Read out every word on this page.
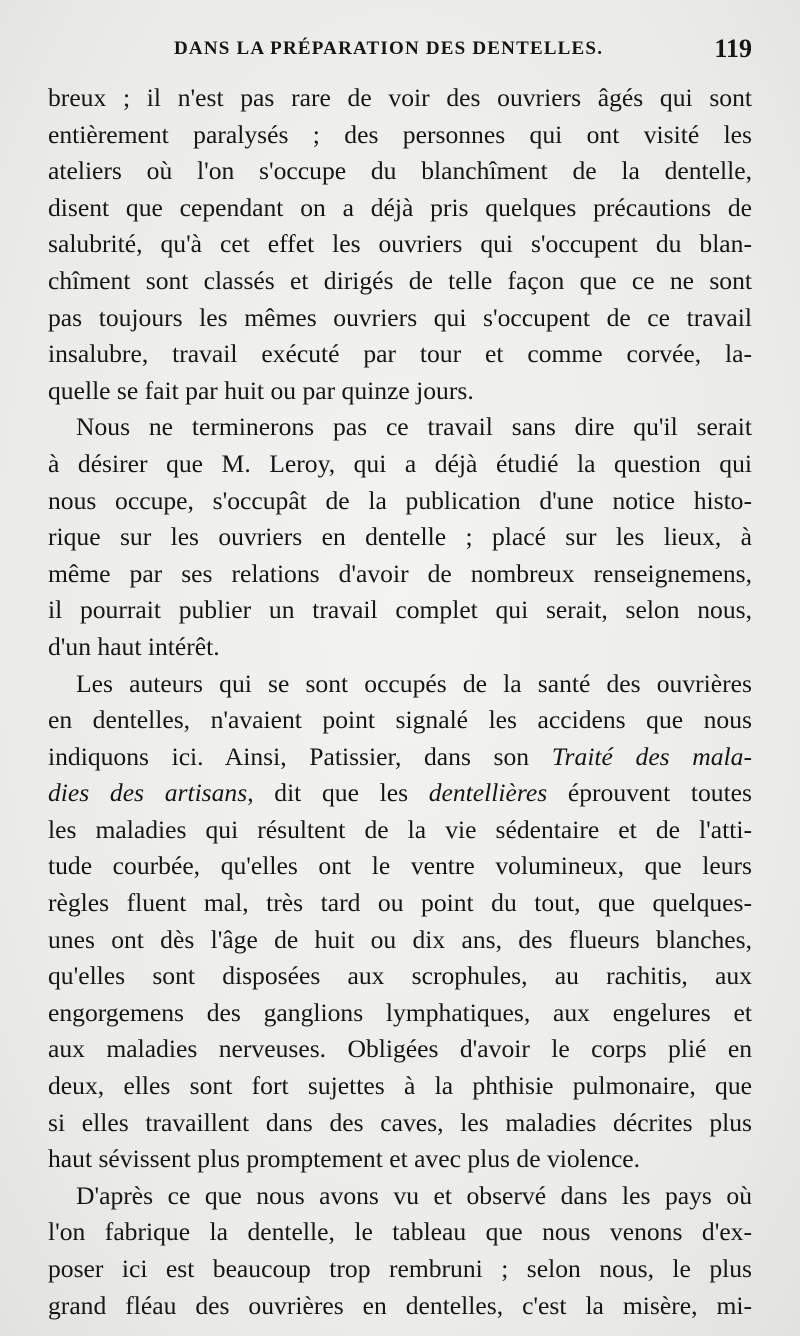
DANS LA PRÉPARATION DES DENTELLES.	119
breux ; il n'est pas rare de voir des ouvriers âgés qui sont
entièrement paralysés ; des personnes qui ont visité les
ateliers où l'on s'occupe du blanchîment de la dentelle,
disent que cependant on a déjà pris quelques précautions de
salubrité, qu'à cet effet les ouvriers qui s'occupent du blan-
chîment sont classés et dirigés de telle façon que ce ne sont
pas toujours les mêmes ouvriers qui s'occupent de ce travail
insalubre, travail exécuté par tour et comme corvée, la-
quelle se fait par huit ou par quinze jours.
Nous ne terminerons pas ce travail sans dire qu'il serait
à désirer que M. Leroy, qui a déjà étudié la question qui
nous occupe, s'occupât de la publication d'une notice histo-
rique sur les ouvriers en dentelle ; placé sur les lieux, à
même par ses relations d'avoir de nombreux renseignemens,
il pourrait publier un travail complet qui serait, selon nous,
d'un haut intérêt.
Les auteurs qui se sont occupés de la santé des ouvrières
en dentelles, n'avaient point signalé les accidens que nous
indiquons ici. Ainsi, Patissier, dans son Traité des mala-
dies des artisans, dit que les dentellières éprouvent toutes
les maladies qui résultent de la vie sédentaire et de l'atti-
tude courbée, qu'elles ont le ventre volumineux, que leurs
règles fluent mal, très tard ou point du tout, que quelques-
unes ont dès l'âge de huit ou dix ans, des flueurs blanches,
qu'elles sont disposées aux scrophules, au rachitis, aux
engorgemens des ganglions lymphatiques, aux engelures et
aux maladies nerveuses. Obligées d'avoir le corps plié en
deux, elles sont fort sujettes à la phthisie pulmonaire, que
si elles travaillent dans des caves, les maladies décrites plus
haut sévissent plus promptement et avec plus de violence.
D'après ce que nous avons vu et observé dans les pays où
l'on fabrique la dentelle, le tableau que nous venons d'ex-
poser ici est beaucoup trop rembruni ; selon nous, le plus
grand fléau des ouvrières en dentelles, c'est la misère, mi-
